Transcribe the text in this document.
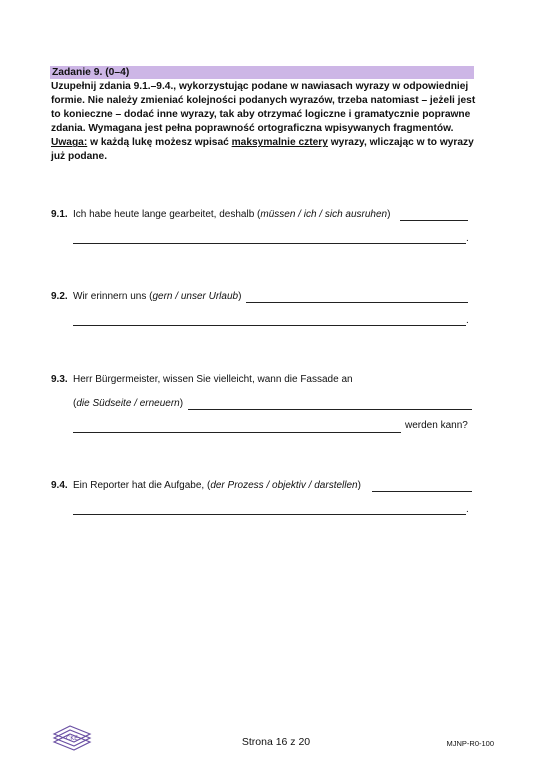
Zadanie 9. (0–4)

Uzupełnij zdania 9.1.–9.4., wykorzystując podane w nawiasach wyrazy w odpowiedniej formie. Nie należy zmieniać kolejności podanych wyrazów, trzeba natomiast – jeżeli jest to konieczne – dodać inne wyrazy, tak aby otrzymać logiczne i gramatycznie poprawne zdania. Wymagana jest pełna poprawność ortograficzna wpisywanych fragmentów.

Uwaga: w każdą lukę możesz wpisać maksymalnie cztery wyrazy, wliczając w to wyrazy już podane.

9.1. Ich habe heute lange gearbeitet, deshalb (müssen / ich / sich ausruhen)
.
9.2. Wir erinnern uns (gern / unser Urlaub)
.
9.3. Herr Bürgermeister, wissen Sie vielleicht, wann die Fassade an
(die Südseite / erneuern)
werden kann?
9.4. Ein Reporter hat die Aufgabe, (der Prozess / objektiv / darstellen)
.
CKE	Strona 16 z 20	MJNP-R0-100
